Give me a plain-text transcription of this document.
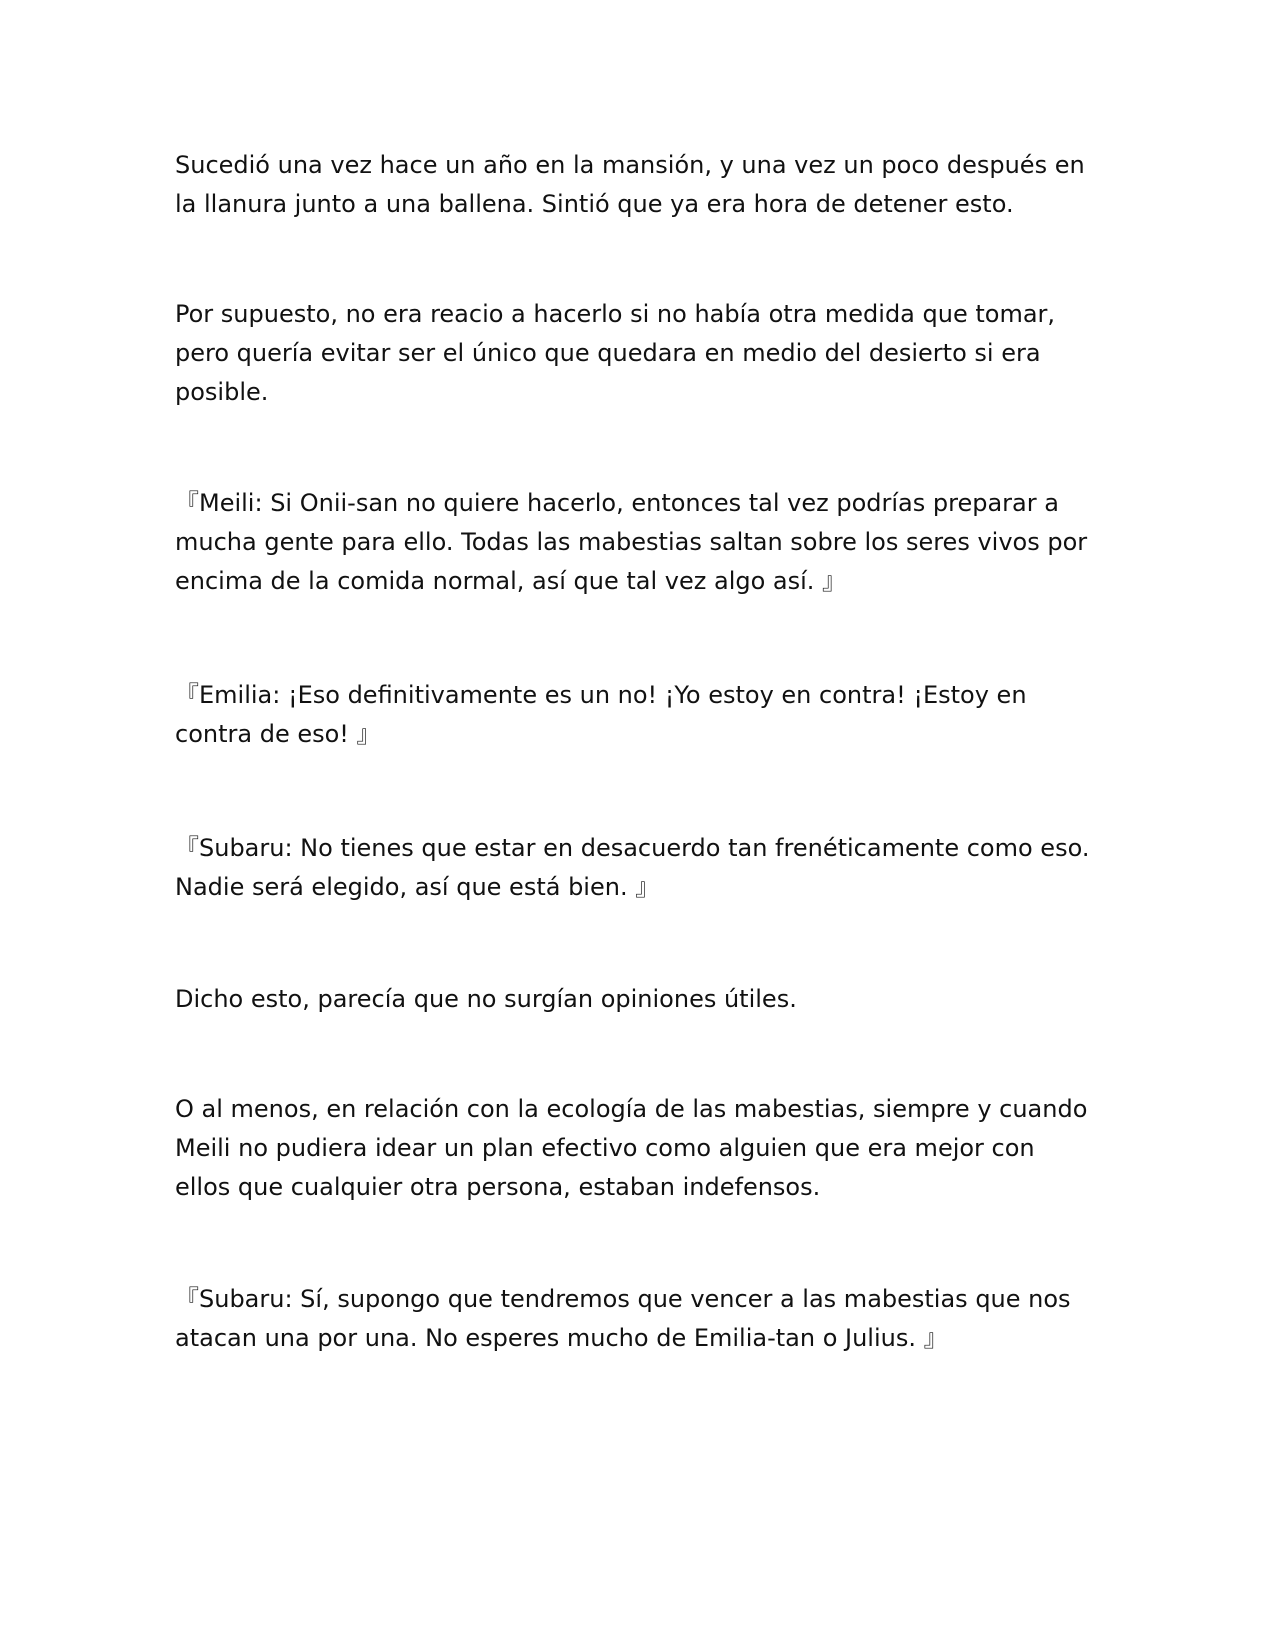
Sucedió una vez hace un año en la mansión, y una vez un poco después en la llanura junto a una ballena. Sintió que ya era hora de detener esto.

Por supuesto, no era reacio a hacerlo si no había otra medida que tomar, pero quería evitar ser el único que quedara en medio del desierto si era posible.

『Meili: Si Onii-san no quiere hacerlo, entonces tal vez podrías preparar a mucha gente para ello. Todas las mabestias saltan sobre los seres vivos por encima de la comida normal, así que tal vez algo así. 』

『Emilia: ¡Eso definitivamente es un no! ¡Yo estoy en contra! ¡Estoy en contra de eso! 』

『Subaru: No tienes que estar en desacuerdo tan frenéticamente como eso. Nadie será elegido, así que está bien. 』

Dicho esto, parecía que no surgían opiniones útiles.

O al menos, en relación con la ecología de las mabestias, siempre y cuando Meili no pudiera idear un plan efectivo como alguien que era mejor con ellos que cualquier otra persona, estaban indefensos.

『Subaru: Sí, supongo que tendremos que vencer a las mabestias que nos atacan una por una. No esperes mucho de Emilia-tan o Julius. 』
